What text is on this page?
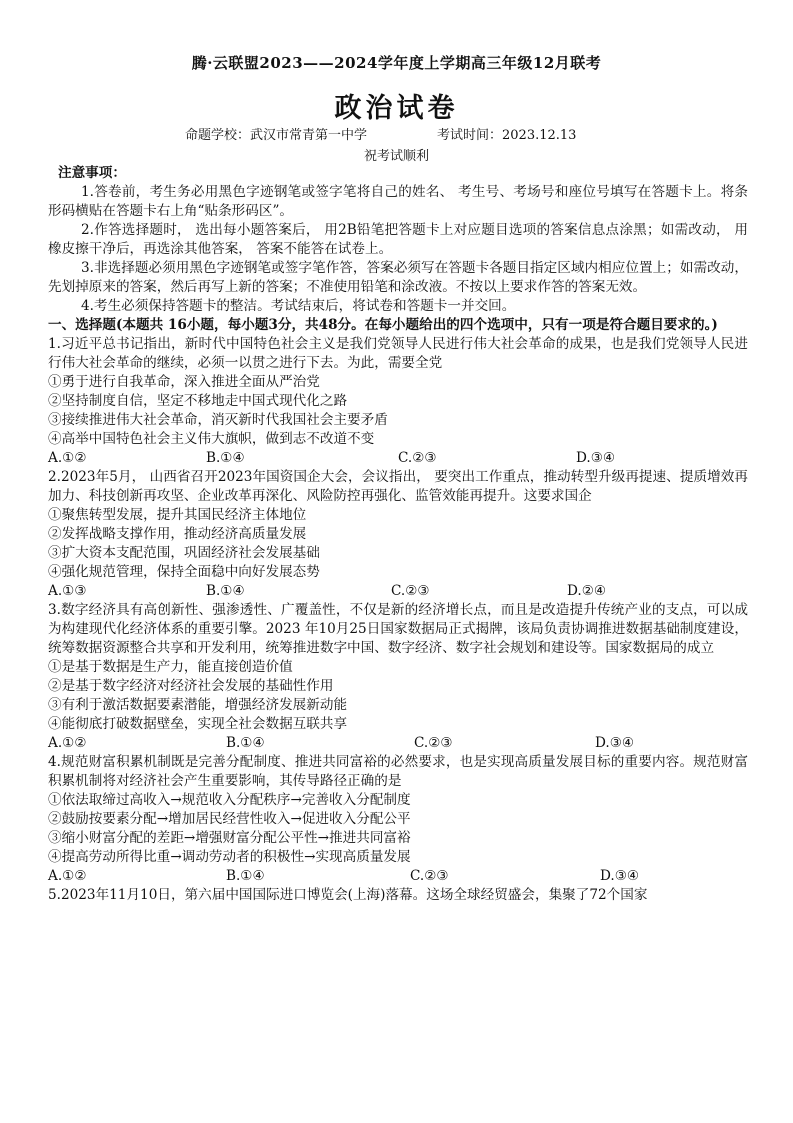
腾·云联盟2023——2024学年度上学期高三年级12月联考
政治试卷
命题学校：武汉市常青第一中学	考试时间：2023.12.13
祝考试顺利
注意事项：
1.答卷前，考生务必用黑色字迹钢笔或签字笔将自己的姓名、 考生号、考场号和座位号填写在答题卡上。将条形码横贴在答题卡右上角“贴条形码区”。
2.作答选择题时， 选出每小题答案后， 用2B铅笔把答题卡上对应题目选项的答案信息点涂黑；如需改动， 用橡皮擦干净后，再选涂其他答案， 答案不能答在试卷上。
3.非选择题必须用黑色字迹钢笔或签字笔作答，答案必须写在答题卡各题目指定区域内相应位置上；如需改动，先划掉原来的答案，然后再写上新的答案；不准使用铅笔和涂改液。不按以上要求作答的答案无效。
4.考生必须保持答题卡的整洁。考试结束后，将试卷和答题卡一并交回。
一、选择题(本题共 16小题，每小题3分，共48分。在每小题给出的四个选项中，只有一项是符合题目要求的。)
1.习近平总书记指出，新时代中国特色社会主义是我们党领导人民进行伟大社会革命的成果，也是我们党领导人民进行伟大社会革命的继续，必须一以贯之进行下去。为此，需要全党
①勇于进行自我革命，深入推进全面从严治党
②坚持制度自信，坚定不移地走中国式现代化之路
③接续推进伟大社会革命，消灭新时代我国社会主要矛盾
④高举中国特色社会主义伟大旗帜，做到志不改道不变
A.①②	B.①④	C.②③	D.③④
2.2023年5月， 山西省召开2023年国资国企大会，会议指出， 要突出工作重点，推动转型升级再提速、提质增效再加力、科技创新再攻坚、企业改革再深化、风险防控再强化、监管效能再提升。这要求国企
①聚焦转型发展，提升其国民经济主体地位
②发挥战略支撑作用，推动经济高质量发展
③扩大资本支配范围，巩固经济社会发展基础
④强化规范管理，保持全面稳中向好发展态势
A.①③	B.①④	C.②③	D.②④
3.数字经济具有高创新性、强渗透性、广覆盖性，不仅是新的经济增长点，而且是改造提升传统产业的支点，可以成为构建现代化经济体系的重要引擎。2023 年10月25日国家数据局正式揭牌，该局负责协调推进数据基础制度建设，统筹数据资源整合共享和开发利用，统筹推进数字中国、数字经济、数字社会规划和建设等。国家数据局的成立
①是基于数据是生产力，能直接创造价值
②是基于数字经济对经济社会发展的基础性作用
③有利于激活数据要素潜能，增强经济发展新动能
④能彻底打破数据壁垒，实现全社会数据互联共享
A.①②	B.①④	C.②③	D.③④
4.规范财富积累机制既是完善分配制度、推进共同富裕的必然要求，也是实现高质量发展目标的重要内容。规范财富积累机制将对经济社会产生重要影响，其传导路径正确的是
①依法取缔过高收入→规范收入分配秩序→完善收入分配制度
②鼓励按要素分配→增加居民经营性收入→促进收入分配公平
③缩小财富分配的差距→增强财富分配公平性→推进共同富裕
④提高劳动所得比重→调动劳动者的积极性→实现高质量发展
A.①②	B.①④	C.②③	D.③④
5.2023年11月10日，第六届中国国际进口博览会(上海)落幕。这场全球经贸盛会，集聚了72个国家
